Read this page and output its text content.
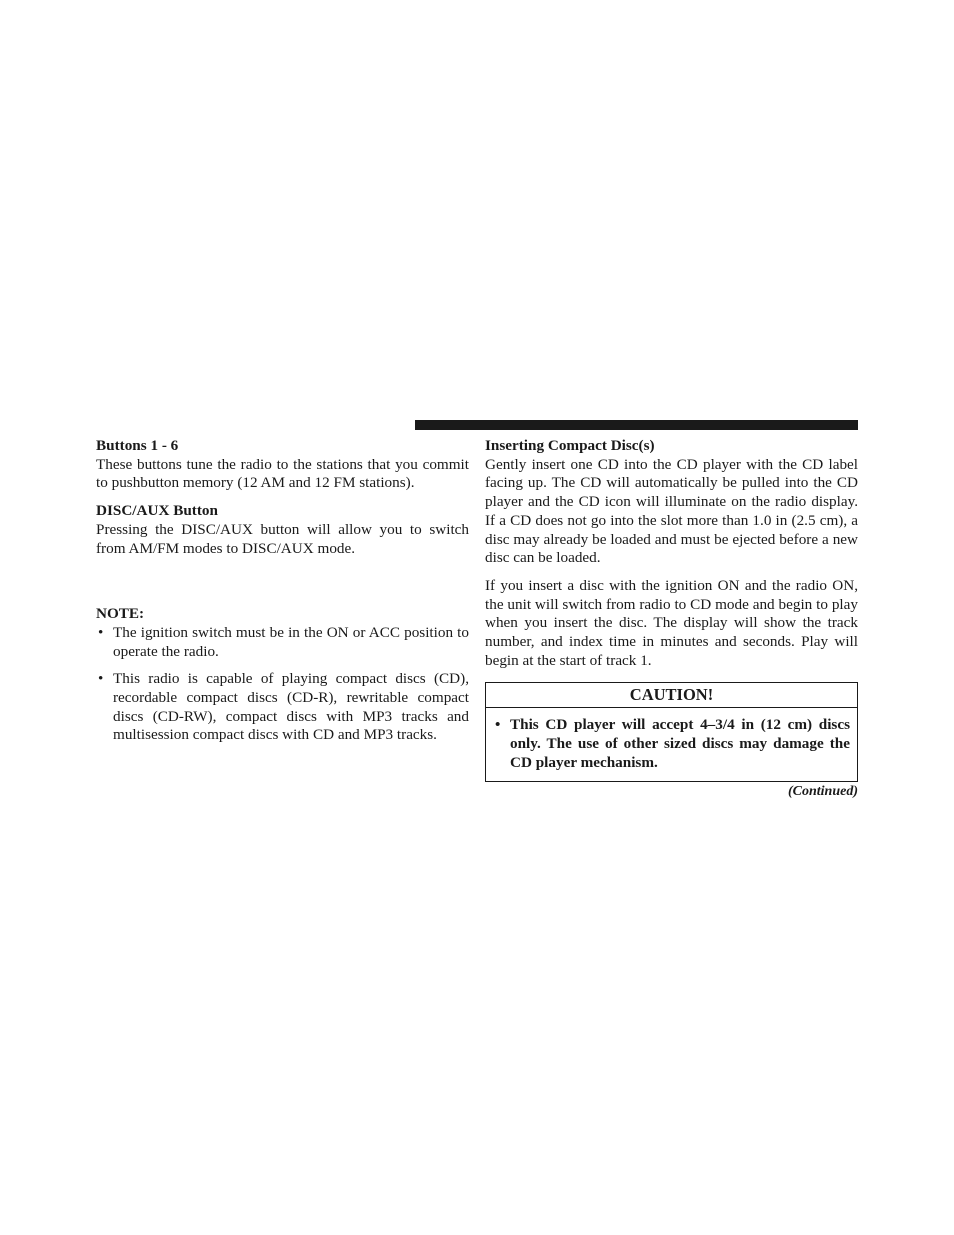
Buttons 1 - 6

These buttons tune the radio to the stations that you commit to pushbutton memory (12 AM and 12 FM stations).

DISC/AUX Button

Pressing the DISC/AUX button will allow you to switch from AM/FM modes to DISC/AUX mode.

NOTE:

• The ignition switch must be in the ON or ACC position to operate the radio.
• This radio is capable of playing compact discs (CD), recordable compact discs (CD-R), rewritable compact discs (CD-RW), compact discs with MP3 tracks and multisession compact discs with CD and MP3 tracks.

Inserting Compact Disc(s)

Gently insert one CD into the CD player with the CD label facing up. The CD will automatically be pulled into the CD player and the CD icon will illuminate on the radio display. If a CD does not go into the slot more than 1.0 in (2.5 cm), a disc may already be loaded and must be ejected before a new disc can be loaded.

If you insert a disc with the ignition ON and the radio ON, the unit will switch from radio to CD mode and begin to play when you insert the disc. The display will show the track number, and index time in minutes and seconds. Play will begin at the start of track 1.

CAUTION!
• This CD player will accept 4–3/4 in (12 cm) discs only. The use of other sized discs may damage the CD player mechanism.
(Continued)
